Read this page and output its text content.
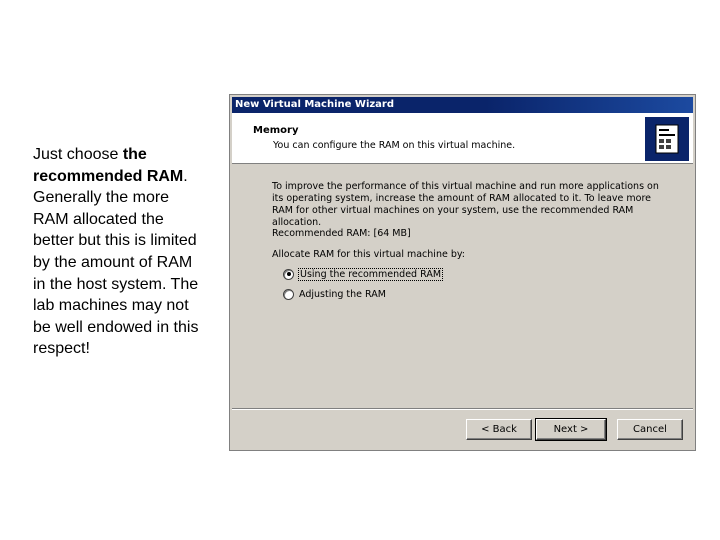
Just choose the recommended RAM. Generally the more RAM allocated the better but this is limited by the amount of RAM in the host system. The lab machines may not be well endowed in this respect!
New Virtual Machine Wizard
Memory
You can configure the RAM on this virtual machine.
To improve the performance of this virtual machine and run more applications on its operating system, increase the amount of RAM allocated to it. To leave more RAM for other virtual machines on your system, use the recommended RAM allocation.
Recommended RAM: [64 MB]
Allocate RAM for this virtual machine by:
Using the recommended RAM
Adjusting the RAM
< Back	Next >	Cancel
